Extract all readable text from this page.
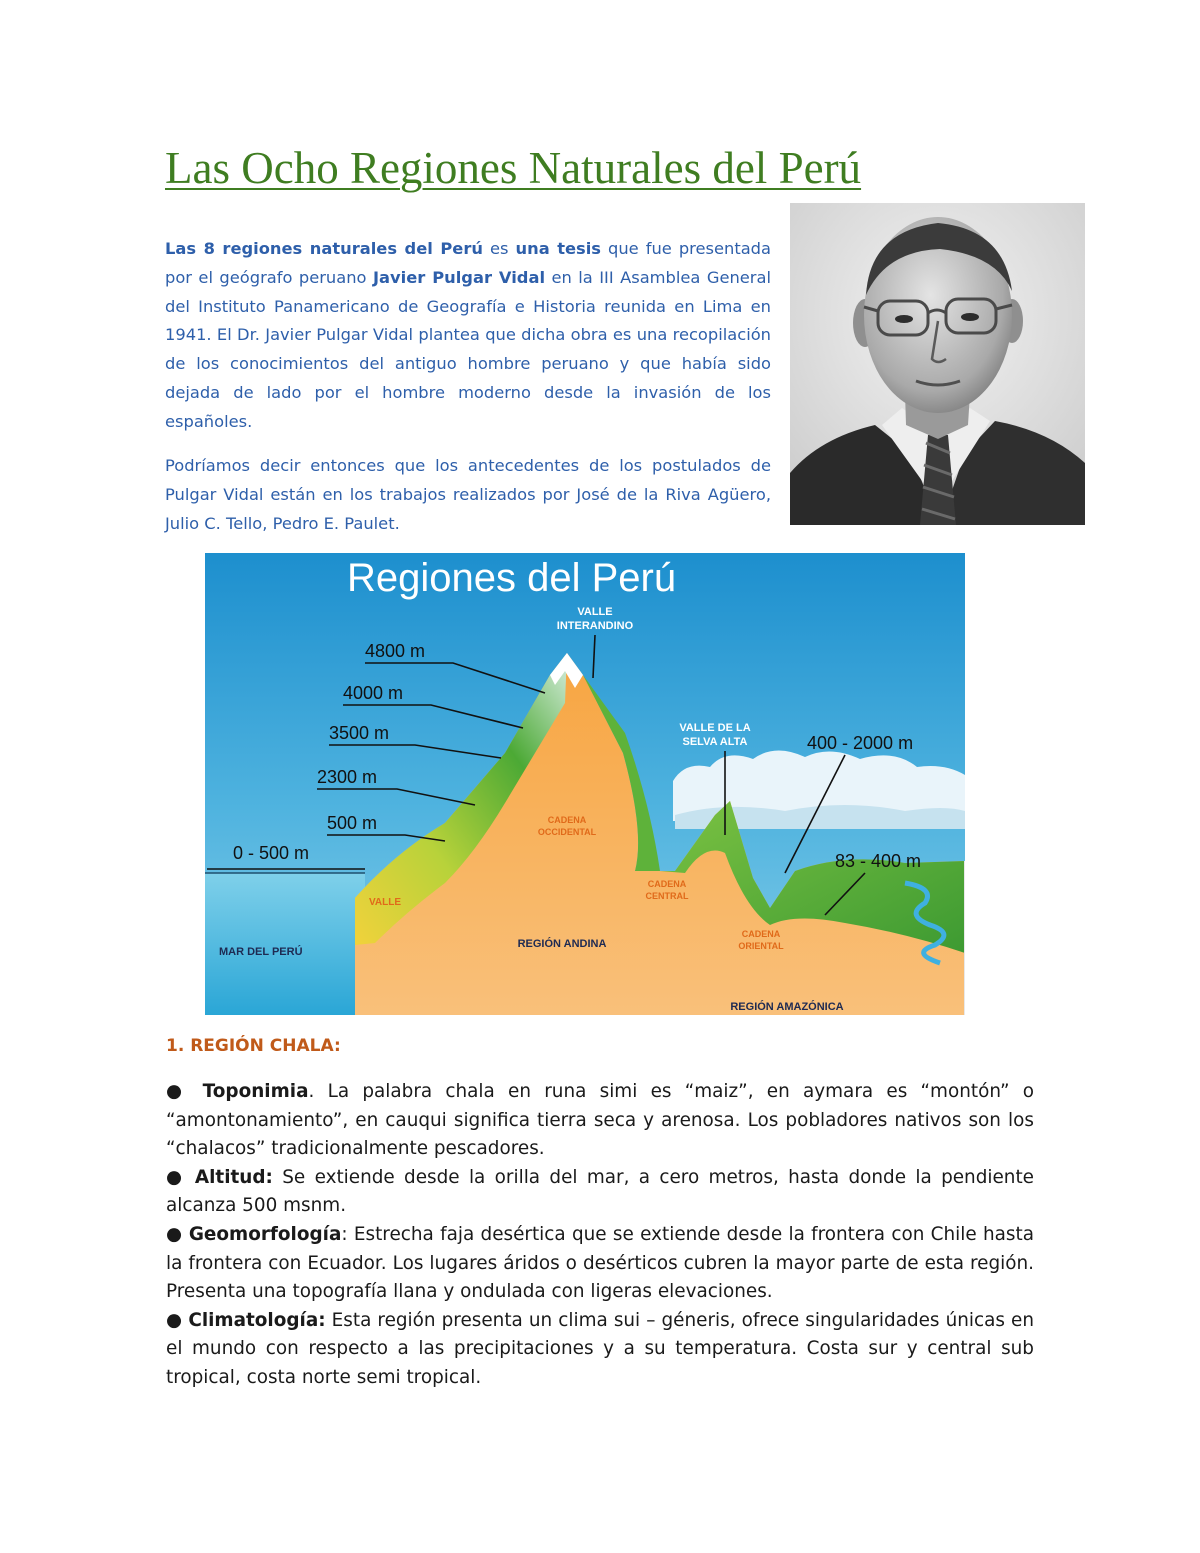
Las Ocho Regiones Naturales del Perú

Las 8 regiones naturales del Perú es una tesis que fue presentada por el geógrafo peruano Javier Pulgar Vidal en la III Asamblea General del Instituto Panamericano de Geografía e Historia reunida en Lima en 1941. El Dr. Javier Pulgar Vidal plantea que dicha obra es una recopilación de los conocimientos del antiguo hombre peruano y que había sido dejada de lado por el hombre moderno desde la invasión de los españoles.

Podríamos decir entonces que los antecedentes de los postulados de Pulgar Vidal están en los trabajos realizados por José de la Riva Agüero, Julio C. Tello, Pedro E. Paulet.

Regiones del Perú
VALLE
INTERANDINO
VALLE DE LA
SELVA ALTA
CADENA
OCCIDENTAL
CADENA
CENTRAL
CADENA
ORIENTAL
VALLE
MAR DEL PERÚ
REGIÓN ANDINA
REGIÓN AMAZÓNICA
4800 m
4000 m
3500 m
2300 m
500 m
0 - 500 m
400 - 2000 m
83 - 400 m
1. REGIÓN CHALA:

● Toponimia. La palabra chala en runa simi es “maiz”, en aymara es “montón” o “amontonamiento”, en cauqui significa tierra seca y arenosa. Los pobladores nativos son los “chalacos” tradicionalmente pescadores.

● Altitud: Se extiende desde la orilla del mar, a cero metros, hasta donde la pendiente alcanza 500 msnm.

● Geomorfología: Estrecha faja desértica que se extiende desde la frontera con Chile hasta la frontera con Ecuador. Los lugares áridos o desérticos cubren la mayor parte de esta región. Presenta una topografía llana y ondulada con ligeras elevaciones.

● Climatología: Esta región presenta un clima sui – géneris, ofrece singularidades únicas en el mundo con respecto a las precipitaciones y a su temperatura. Costa sur y central sub tropical, costa norte semi tropical.
